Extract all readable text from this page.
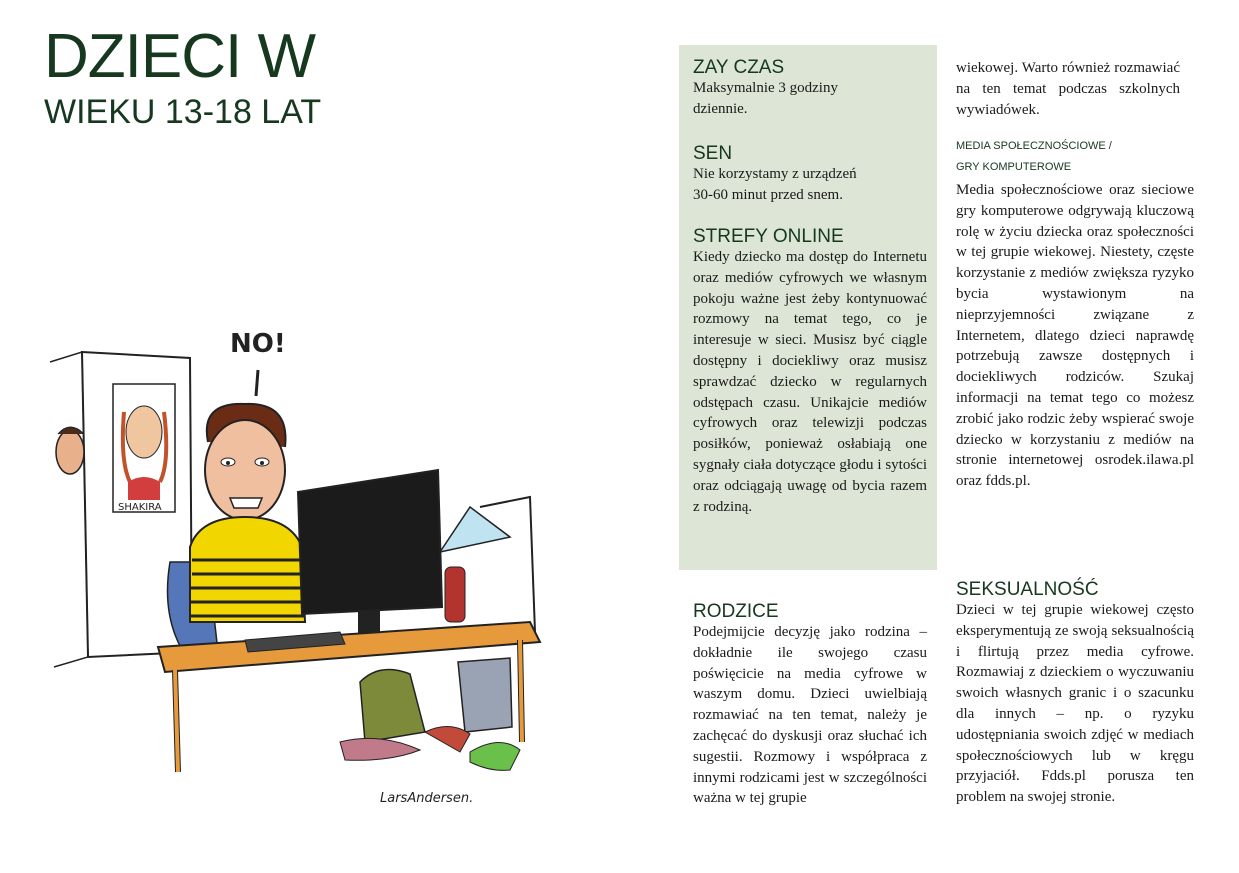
DZIECI W
WIEKU 13-18 LAT
SHAKIRA
NO!
LarsAndersen.
ZAY CZAS

Maksymalnie 3 godziny dziennie.

SEN

Nie korzystamy z urządzeń 30-60 minut przed snem.

STREFY ONLINE

Kiedy dziecko ma dostęp do Internetu oraz mediów cyfrowych we własnym pokoju ważne jest żeby kontynuować rozmowy na temat tego, co je interesuje w sieci. Musisz być ciągle dostępny i dociekliwy oraz musisz sprawdzać dziecko w regularnych odstępach czasu. Unikajcie mediów cyfrowych oraz telewizji podczas posiłków, ponieważ osłabiają one sygnały ciała dotyczące głodu i sytości oraz odciągają uwagę od bycia razem z rodziną.

RODZICE

Podejmijcie decyzję jako rodzina – dokładnie ile swojego czasu poświęcicie na media cyfrowe w waszym domu. Dzieci uwielbiają rozmawiać na ten temat, należy je zachęcać do dyskusji oraz słuchać ich sugestii. Rozmowy i współpraca z innymi rodzicami jest w szczególności ważna w tej grupie

wiekowej. Warto również rozmawiać na ten temat podczas szkolnych wywiadówek.

MEDIA SPOŁECZNOŚCIOWE /
GRY KOMPUTEROWE

Media społecznościowe oraz sieciowe gry komputerowe odgrywają kluczową rolę w życiu dziecka oraz społeczności w tej grupie wiekowej. Niestety, częste korzystanie z mediów zwiększa ryzyko bycia wystawionym na nieprzyjemności związane z Internetem, dlatego dzieci naprawdę potrzebują zawsze dostępnych i dociekliwych rodziców. Szukaj informacji na temat tego co możesz zrobić jako rodzic żeby wspierać swoje dziecko w korzystaniu z mediów na stronie internetowej osrodek.ilawa.pl oraz fdds.pl.

SEKSUALNOŚĆ

Dzieci w tej grupie wiekowej często eksperymentują ze swoją seksualnością i flirtują przez media cyfrowe. Rozmawiaj z dzieckiem o wyczuwaniu swoich własnych granic i o szacunku dla innych – np. o ryzyku udostępniania swoich zdjęć w mediach społecznościowych lub w kręgu przyjaciół. Fdds.pl porusza ten problem na swojej stronie.
